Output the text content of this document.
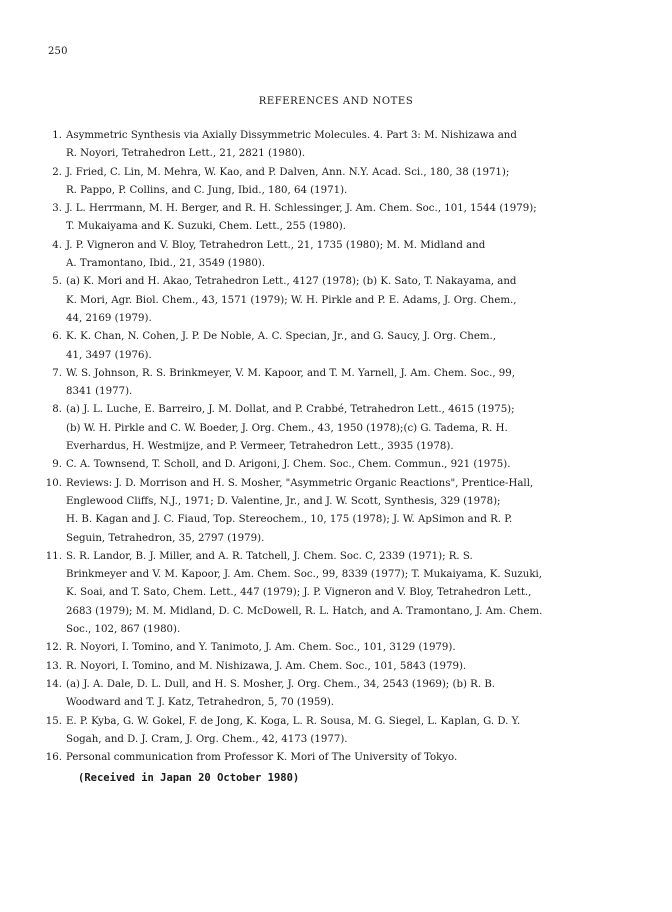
250
REFERENCES AND NOTES
1. Asymmetric Synthesis via Axially Dissymmetric Molecules. 4. Part 3: M. Nishizawa and
R. Noyori, Tetrahedron Lett., 21, 2821 (1980).
2. J. Fried, C. Lin, M. Mehra, W. Kao, and P. Dalven, Ann. N.Y. Acad. Sci., 180, 38 (1971);
R. Pappo, P. Collins, and C. Jung, Ibid., 180, 64 (1971).
3. J. L. Herrmann, M. H. Berger, and R. H. Schlessinger, J. Am. Chem. Soc., 101, 1544 (1979);
T. Mukaiyama and K. Suzuki, Chem. Lett., 255 (1980).
4. J. P. Vigneron and V. Bloy, Tetrahedron Lett., 21, 1735 (1980); M. M. Midland and
A. Tramontano, Ibid., 21, 3549 (1980).
5. (a) K. Mori and H. Akao, Tetrahedron Lett., 4127 (1978); (b) K. Sato, T. Nakayama, and
K. Mori, Agr. Biol. Chem., 43, 1571 (1979); W. H. Pirkle and P. E. Adams, J. Org. Chem.,
44, 2169 (1979).
6. K. K. Chan, N. Cohen, J. P. De Noble, A. C. Specian, Jr., and G. Saucy, J. Org. Chem.,
41, 3497 (1976).
7. W. S. Johnson, R. S. Brinkmeyer, V. M. Kapoor, and T. M. Yarnell, J. Am. Chem. Soc., 99,
8341 (1977).
8. (a) J. L. Luche, E. Barreiro, J. M. Dollat, and P. Crabbé, Tetrahedron Lett., 4615 (1975);
(b) W. H. Pirkle and C. W. Boeder, J. Org. Chem., 43, 1950 (1978);(c) G. Tadema, R. H.
Everhardus, H. Westmijze, and P. Vermeer, Tetrahedron Lett., 3935 (1978).
9. C. A. Townsend, T. Scholl, and D. Arigoni, J. Chem. Soc., Chem. Commun., 921 (1975).
10. Reviews: J. D. Morrison and H. S. Mosher, "Asymmetric Organic Reactions", Prentice-Hall,
Englewood Cliffs, N.J., 1971; D. Valentine, Jr., and J. W. Scott, Synthesis, 329 (1978);
H. B. Kagan and J. C. Fiaud, Top. Stereochem., 10, 175 (1978); J. W. ApSimon and R. P.
Seguin, Tetrahedron, 35, 2797 (1979).
11. S. R. Landor, B. J. Miller, and A. R. Tatchell, J. Chem. Soc. C, 2339 (1971); R. S.
Brinkmeyer and V. M. Kapoor, J. Am. Chem. Soc., 99, 8339 (1977); T. Mukaiyama, K. Suzuki,
K. Soai, and T. Sato, Chem. Lett., 447 (1979); J. P. Vigneron and V. Bloy, Tetrahedron Lett.,
2683 (1979); M. M. Midland, D. C. McDowell, R. L. Hatch, and A. Tramontano, J. Am. Chem.
Soc., 102, 867 (1980).
12. R. Noyori, I. Tomino, and Y. Tanimoto, J. Am. Chem. Soc., 101, 3129 (1979).
13. R. Noyori, I. Tomino, and M. Nishizawa, J. Am. Chem. Soc., 101, 5843 (1979).
14. (a) J. A. Dale, D. L. Dull, and H. S. Mosher, J. Org. Chem., 34, 2543 (1969); (b) R. B.
Woodward and T. J. Katz, Tetrahedron, 5, 70 (1959).
15. E. P. Kyba, G. W. Gokel, F. de Jong, K. Koga, L. R. Sousa, M. G. Siegel, L. Kaplan, G. D. Y.
Sogah, and D. J. Cram, J. Org. Chem., 42, 4173 (1977).
16. Personal communication from Professor K. Mori of The University of Tokyo.
(Received in Japan 20 October 1980)
